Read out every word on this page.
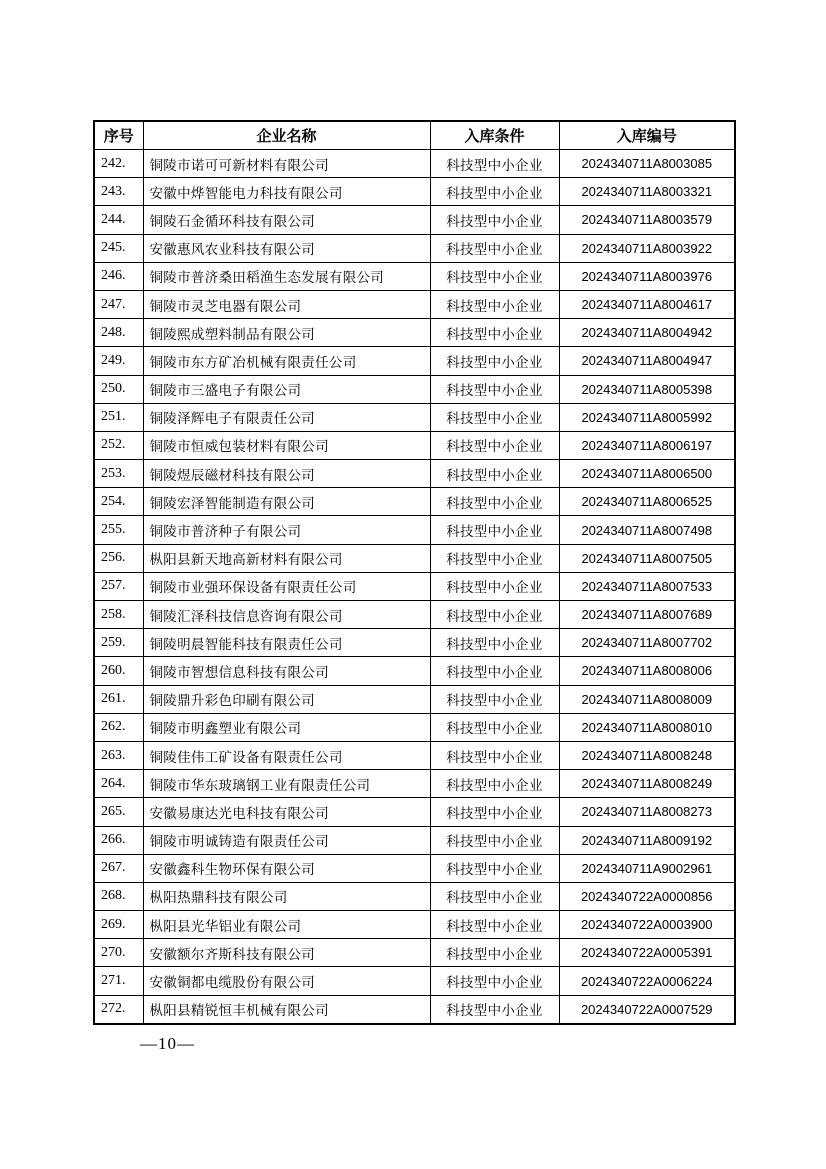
序号	企业名称	入库条件	入库编号
242.	铜陵市诺可可新材料有限公司	科技型中小企业	2024340711A8003085
243.	安徽中烨智能电力科技有限公司	科技型中小企业	2024340711A8003321
244.	铜陵石金循环科技有限公司	科技型中小企业	2024340711A8003579
245.	安徽惠风农业科技有限公司	科技型中小企业	2024340711A8003922
246.	铜陵市普济桑田稻渔生态发展有限公司	科技型中小企业	2024340711A8003976
247.	铜陵市灵芝电器有限公司	科技型中小企业	2024340711A8004617
248.	铜陵熙成塑料制品有限公司	科技型中小企业	2024340711A8004942
249.	铜陵市东方矿冶机械有限责任公司	科技型中小企业	2024340711A8004947
250.	铜陵市三盛电子有限公司	科技型中小企业	2024340711A8005398
251.	铜陵泽辉电子有限责任公司	科技型中小企业	2024340711A8005992
252.	铜陵市恒威包装材料有限公司	科技型中小企业	2024340711A8006197
253.	铜陵煜辰磁材科技有限公司	科技型中小企业	2024340711A8006500
254.	铜陵宏泽智能制造有限公司	科技型中小企业	2024340711A8006525
255.	铜陵市普济种子有限公司	科技型中小企业	2024340711A8007498
256.	枞阳县新天地高新材料有限公司	科技型中小企业	2024340711A8007505
257.	铜陵市业强环保设备有限责任公司	科技型中小企业	2024340711A8007533
258.	铜陵汇泽科技信息咨询有限公司	科技型中小企业	2024340711A8007689
259.	铜陵明晨智能科技有限责任公司	科技型中小企业	2024340711A8007702
260.	铜陵市智想信息科技有限公司	科技型中小企业	2024340711A8008006
261.	铜陵鼎升彩色印刷有限公司	科技型中小企业	2024340711A8008009
262.	铜陵市明鑫塑业有限公司	科技型中小企业	2024340711A8008010
263.	铜陵佳伟工矿设备有限责任公司	科技型中小企业	2024340711A8008248
264.	铜陵市华东玻璃钢工业有限责任公司	科技型中小企业	2024340711A8008249
265.	安徽易康达光电科技有限公司	科技型中小企业	2024340711A8008273
266.	铜陵市明诚铸造有限责任公司	科技型中小企业	2024340711A8009192
267.	安徽鑫科生物环保有限公司	科技型中小企业	2024340711A9002961
268.	枞阳热鼎科技有限公司	科技型中小企业	2024340722A0000856
269.	枞阳县光华铝业有限公司	科技型中小企业	2024340722A0003900
270.	安徽额尔齐斯科技有限公司	科技型中小企业	2024340722A0005391
271.	安徽铜都电缆股份有限公司	科技型中小企业	2024340722A0006224
272.	枞阳县精锐恒丰机械有限公司	科技型中小企业	2024340722A0007529
—10—
